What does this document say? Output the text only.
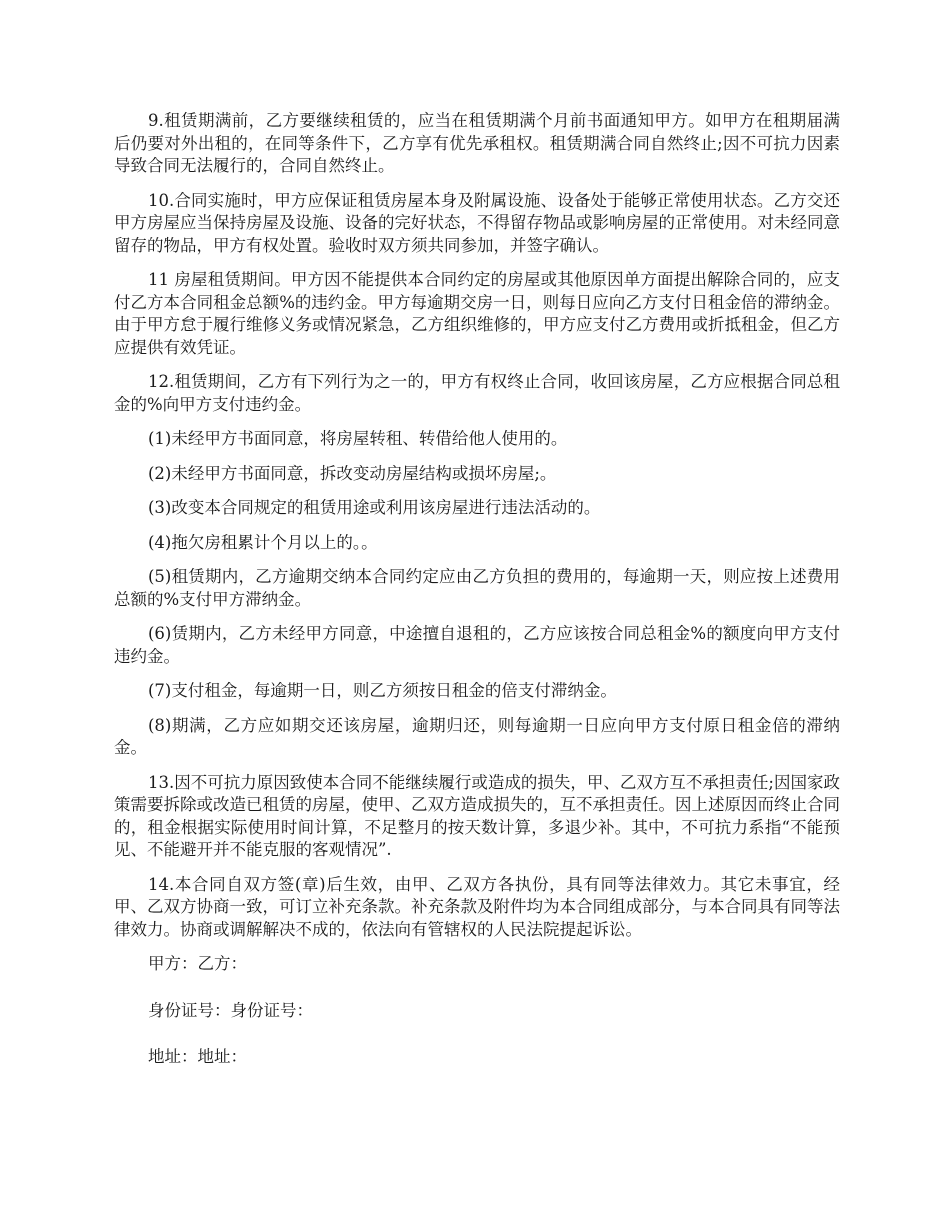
9.租赁期满前，乙方要继续租赁的，应当在租赁期满个月前书面通知甲方。如甲方在租期届满后仍要对外出租的，在同等条件下，乙方享有优先承租权。租赁期满合同自然终止;因不可抗力因素导致合同无法履行的，合同自然终止。

10.合同实施时，甲方应保证租赁房屋本身及附属设施、设备处于能够正常使用状态。乙方交还甲方房屋应当保持房屋及设施、设备的完好状态，不得留存物品或影响房屋的正常使用。对未经同意留存的物品，甲方有权处置。验收时双方须共同参加，并签字确认。

11 房屋租赁期间。甲方因不能提供本合同约定的房屋或其他原因单方面提出解除合同的，应支付乙方本合同租金总额%的违约金。甲方每逾期交房一日，则每日应向乙方支付日租金倍的滞纳金。由于甲方怠于履行维修义务或情况紧急，乙方组织维修的，甲方应支付乙方费用或折抵租金，但乙方应提供有效凭证。

12.租赁期间，乙方有下列行为之一的，甲方有权终止合同，收回该房屋，乙方应根据合同总租金的%向甲方支付违约金。

(1)未经甲方书面同意，将房屋转租、转借给他人使用的。

(2)未经甲方书面同意，拆改变动房屋结构或损坏房屋;。

(3)改变本合同规定的租赁用途或利用该房屋进行违法活动的。

(4)拖欠房租累计个月以上的。。

(5)租赁期内，乙方逾期交纳本合同约定应由乙方负担的费用的，每逾期一天，则应按上述费用总额的%支付甲方滞纳金。

(6)赁期内，乙方未经甲方同意，中途擅自退租的，乙方应该按合同总租金%的额度向甲方支付违约金。

(7)支付租金，每逾期一日，则乙方须按日租金的倍支付滞纳金。

(8)期满，乙方应如期交还该房屋，逾期归还，则每逾期一日应向甲方支付原日租金倍的滞纳金。

13.因不可抗力原因致使本合同不能继续履行或造成的损失，甲、乙双方互不承担责任;因国家政策需要拆除或改造已租赁的房屋，使甲、乙双方造成损失的，互不承担责任。因上述原因而终止合同的，租金根据实际使用时间计算，不足整月的按天数计算，多退少补。其中，不可抗力系指“不能预见、不能避开并不能克服的客观情况”.

14.本合同自双方签(章)后生效，由甲、乙双方各执份，具有同等法律效力。其它未事宜，经甲、乙双方协商一致，可订立补充条款。补充条款及附件均为本合同组成部分，与本合同具有同等法律效力。协商或调解解决不成的，依法向有管辖权的人民法院提起诉讼。

甲方：乙方：

身份证号：身份证号：

地址：地址：
